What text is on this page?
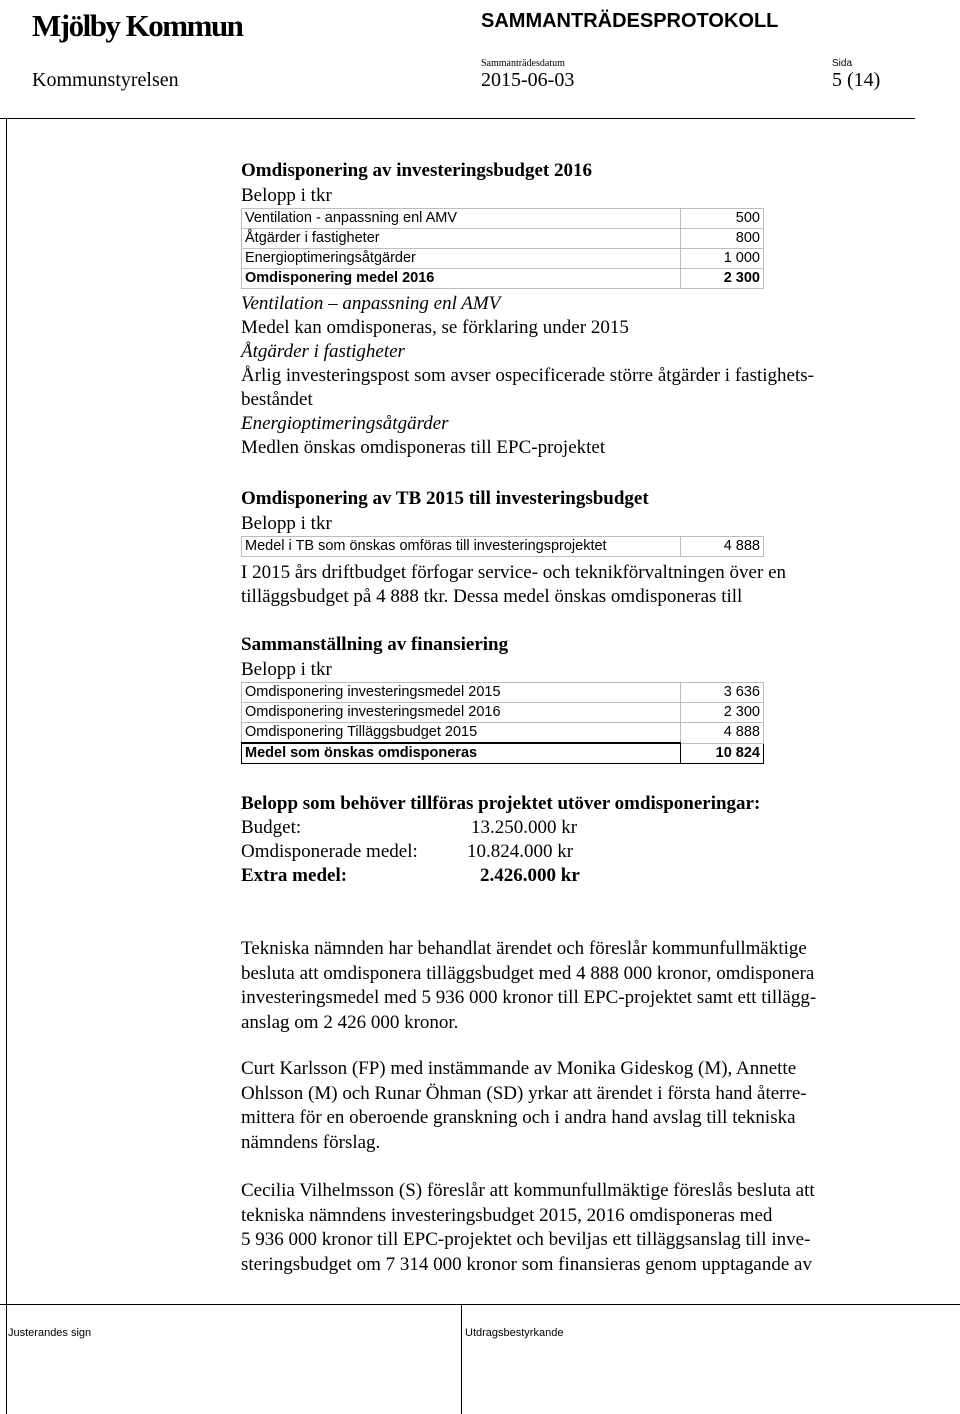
Mjölby Kommun	SAMMANTRÄDESPROTOKOLL
Sammanträdesdatum	Sida
Kommunstyrelsen	2015-06-03	5 (14)
Omdisponering av investeringsbudget 2016
Belopp i tkr
Ventilation - anpassning enl AMV	500
Åtgärder i fastigheter	800
Energioptimeringsåtgärder	1 000
Omdisponering medel 2016	2 300
Ventilation – anpassning enl AMV
Medel kan omdisponeras, se förklaring under 2015
Åtgärder i fastigheter
Årlig investeringspost som avser ospecificerade större åtgärder i fastighets-
beståndet
Energioptimeringsåtgärder
Medlen önskas omdisponeras till EPC-projektet
Omdisponering av TB 2015 till investeringsbudget
Belopp i tkr
Medel i TB som önskas omföras till investeringsprojektet	4 888
I 2015 års driftbudget förfogar service- och teknikförvaltningen över en
tilläggsbudget på 4 888 tkr. Dessa medel önskas omdisponeras till
Sammanställning av finansiering
Belopp i tkr
Omdisponering investeringsmedel 2015	3 636
Omdisponering investeringsmedel 2016	2 300
Omdisponering Tilläggsbudget 2015	4 888
Medel som önskas omdisponeras	10 824
Belopp som behöver tillföras projektet utöver omdisponeringar:
Budget:	13.250.000 kr
Omdisponerade medel:	10.824.000 kr
Extra medel:	2.426.000 kr
Tekniska nämnden har behandlat ärendet och föreslår kommunfullmäktige
besluta att omdisponera tilläggsbudget med 4 888 000 kronor, omdisponera
investeringsmedel med 5 936 000 kronor till EPC-projektet samt ett tillägg-
anslag om 2 426 000 kronor.
Curt Karlsson (FP) med instämmande av Monika Gideskog (M), Annette
Ohlsson (M) och Runar Öhman (SD) yrkar att ärendet i första hand återre-
mittera för en oberoende granskning och i andra hand avslag till tekniska
nämndens förslag.
Cecilia Vilhelmsson (S) föreslår att kommunfullmäktige föreslås besluta att
tekniska nämndens investeringsbudget 2015, 2016 omdisponeras med
5 936 000 kronor till EPC-projektet och beviljas ett tilläggsanslag till inve-
steringsbudget om 7 314 000 kronor som finansieras genom upptagande av
Justerandes sign	Utdragsbestyrkande
